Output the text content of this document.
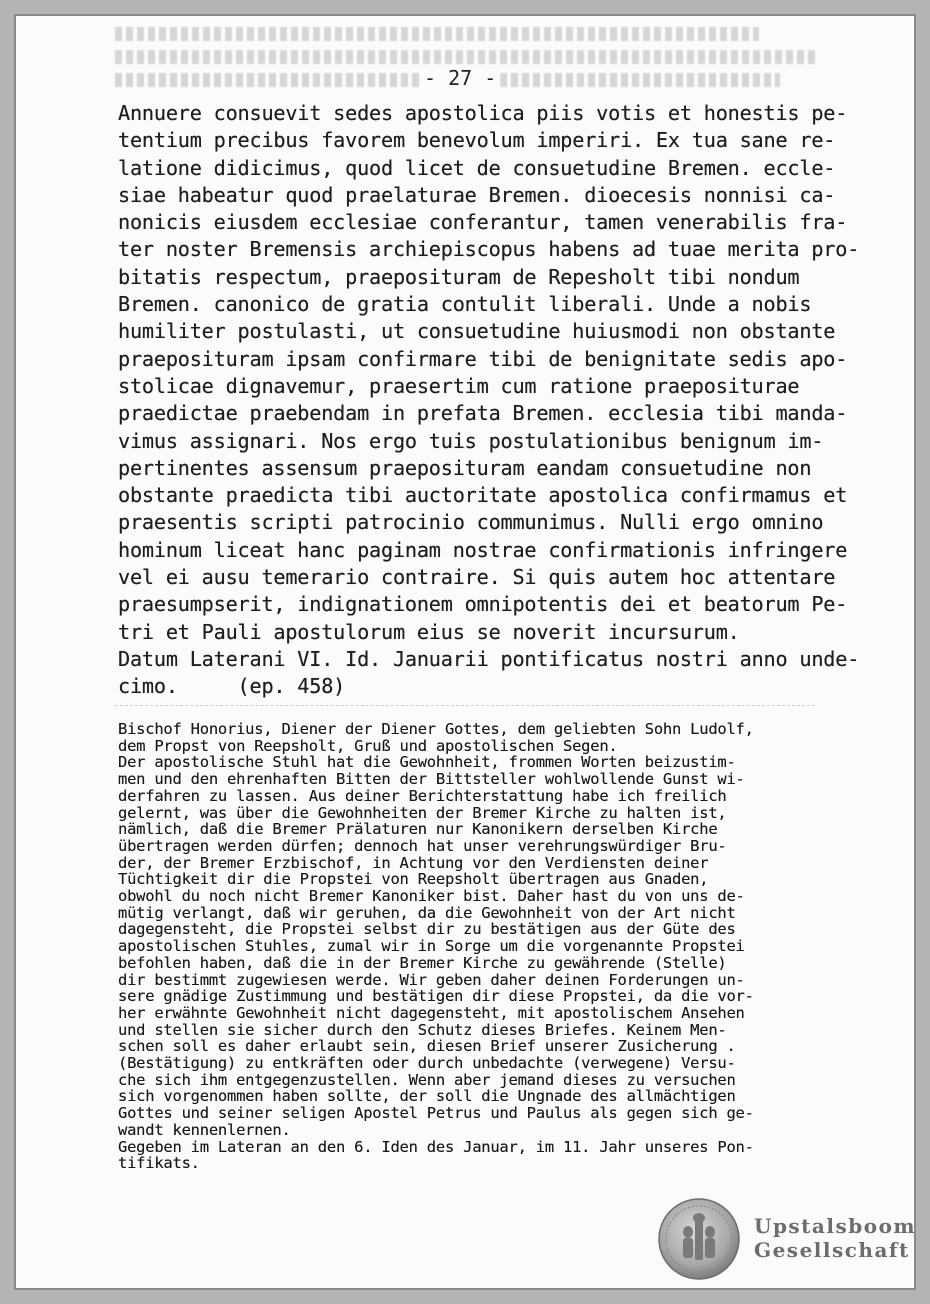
- 27 -
Annuere consuevit sedes apostolica piis votis et honestis pe-
tentium precibus favorem benevolum imperiri. Ex tua sane re-
latione didicimus, quod licet de consuetudine Bremen. eccle-
siae habeatur quod praelaturae Bremen. dioecesis nonnisi ca-
nonicis eiusdem ecclesiae conferantur, tamen venerabilis fra-
ter noster Bremensis archiepiscopus habens ad tuae merita pro-
bitatis respectum, praeposituram de Repesholt tibi nondum
Bremen. canonico de gratia contulit liberali. Unde a nobis
humiliter postulasti, ut consuetudine huiusmodi non obstante
praeposituram ipsam confirmare tibi de benignitate sedis apo-
stolicae dignavemur, praesertim cum ratione praepositurae
praedictae praebendam in prefata Bremen. ecclesia tibi manda-
vimus assignari. Nos ergo tuis postulationibus benignum im-
pertinentes assensum praeposituram eandam consuetudine non
obstante praedicta tibi auctoritate apostolica confirmamus et
praesentis scripti patrocinio communimus. Nulli ergo omnino
hominum liceat hanc paginam nostrae confirmationis infringere
vel ei ausu temerario contraire. Si quis autem hoc attentare
praesumpserit, indignationem omnipotentis dei et beatorum Pe-
tri et Pauli apostulorum eius se noverit incursurum.
Datum Laterani VI. Id. Januarii pontificatus nostri anno unde-
cimo.     (ep. 458)
Bischof Honorius, Diener der Diener Gottes, dem geliebten Sohn Ludolf,
dem Propst von Reepsholt, Gruß und apostolischen Segen.
Der apostolische Stuhl hat die Gewohnheit, frommen Worten beizustim-
men und den ehrenhaften Bitten der Bittsteller wohlwollende Gunst wi-
derfahren zu lassen. Aus deiner Berichterstattung habe ich freilich
gelernt, was über die Gewohnheiten der Bremer Kirche zu halten ist,
nämlich, daß die Bremer Prälaturen nur Kanonikern derselben Kirche
übertragen werden dürfen; dennoch hat unser verehrungswürdiger Bru-
der, der Bremer Erzbischof, in Achtung vor den Verdiensten deiner
Tüchtigkeit dir die Propstei von Reepsholt übertragen aus Gnaden,
obwohl du noch nicht Bremer Kanoniker bist. Daher hast du von uns de-
mütig verlangt, daß wir geruhen, da die Gewohnheit von der Art nicht
dagegensteht, die Propstei selbst dir zu bestätigen aus der Güte des
apostolischen Stuhles, zumal wir in Sorge um die vorgenannte Propstei
befohlen haben, daß die in der Bremer Kirche zu gewährende (Stelle)
dir bestimmt zugewiesen werde. Wir geben daher deinen Forderungen un-
sere gnädige Zustimmung und bestätigen dir diese Propstei, da die vor-
her erwähnte Gewohnheit nicht dagegensteht, mit apostolischem Ansehen
und stellen sie sicher durch den Schutz dieses Briefes. Keinem Men-
schen soll es daher erlaubt sein, diesen Brief unserer Zusicherung .
(Bestätigung) zu entkräften oder durch unbedachte (verwegene) Versu-
che sich ihm entgegenzustellen. Wenn aber jemand dieses zu versuchen
sich vorgenommen haben sollte, der soll die Ungnade des allmächtigen
Gottes und seiner seligen Apostel Petrus und Paulus als gegen sich ge-
wandt kennenlernen.
Gegeben im Lateran an den 6. Iden des Januar, im 11. Jahr unseres Pon-
tifikats.
Upstalsboom
Gesellschaft
